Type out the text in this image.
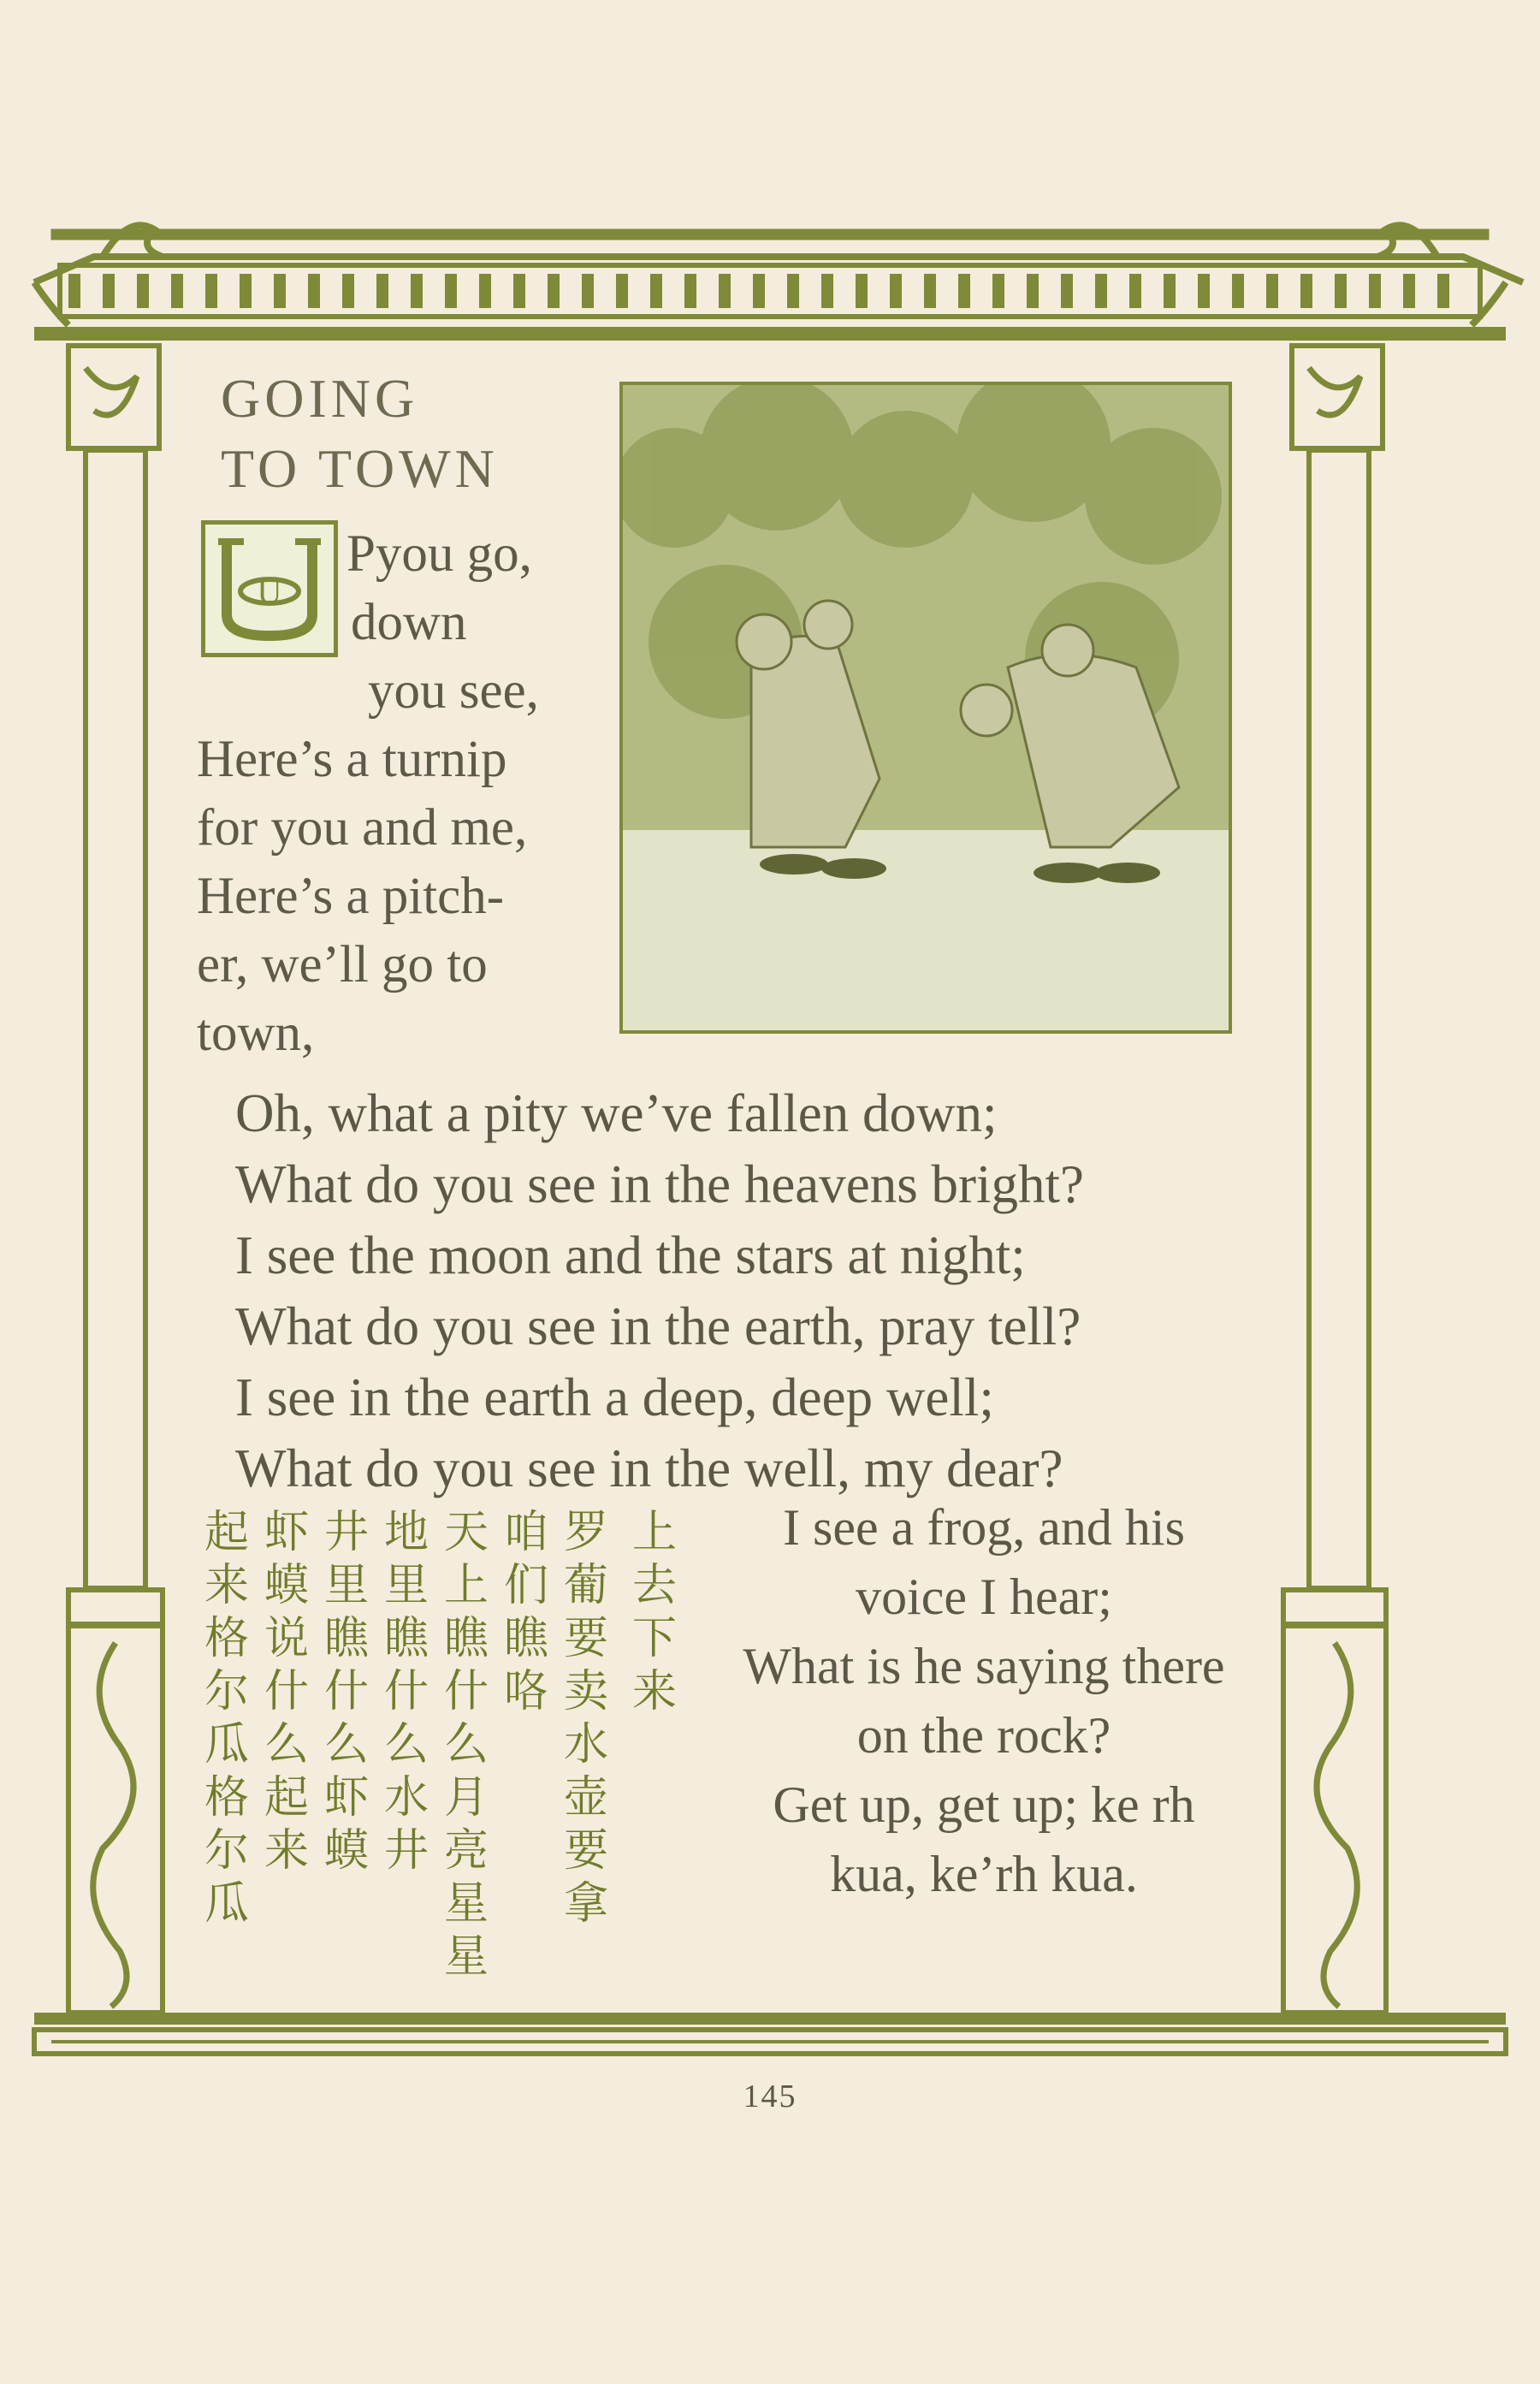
GOING
TO TOWN
U
Pyou go,
down
you see,
Here’s a turnip
for you and me,
Here’s a pitch-
er, we’ll go to
town,
Oh, what a pity we’ve fallen down;
What do you see in the heavens bright?
I see the moon and the stars at night;
What do you see in the earth, pray tell?
I see in the earth a deep, deep well;
What do you see in the well, my dear?
I see a frog, and his
voice I hear;
What is he saying there
on the rock?
Get up, get up; ke rh
kua, ke’rh kua.
上去下来
罗葡要卖水壶要拿
咱们瞧咯
天上瞧什么月亮星星
地里瞧什么水井
井里瞧什么虾蟆
虾蟆说什么起来
起来格尔瓜格尔瓜
145
